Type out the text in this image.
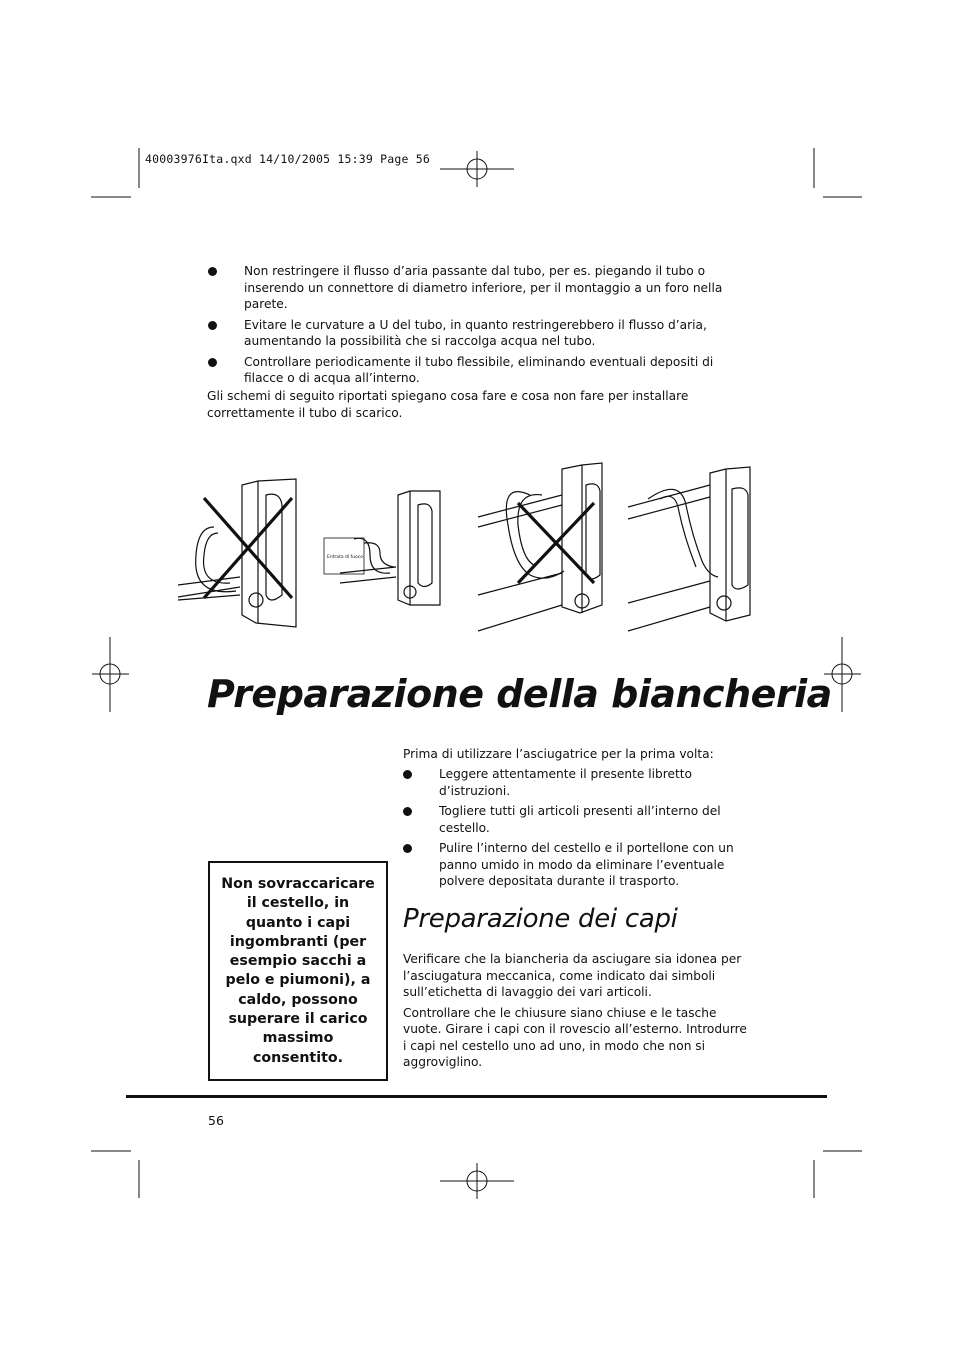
40003976Ita.qxd 14/10/2005 15:39 Page 56
Non restringere il flusso d’aria passante dal tubo, per es. piegando il tubo o inserendo un connettore di diametro inferiore, per il montaggio a un foro nella parete.
Evitare le curvature a U del tubo, in quanto restringerebbero il flusso d’aria, aumentando la possibilità che si raccolga acqua nel tubo.
Controllare periodicamente il tubo flessibile, eliminando eventuali depositi di filacce o di acqua all’interno.
Gli schemi di seguito riportati spiegano cosa fare e cosa non fare per installare correttamente il tubo di scarico.
Entrata di fuoco
Preparazione della biancheria
Prima di utilizzare l’asciugatrice per la prima volta:
Leggere attentamente il presente libretto d’istruzioni.
Togliere tutti gli articoli presenti all’interno del cestello.
Pulire l’interno del cestello e il portellone con un panno umido in modo da eliminare l’eventuale polvere depositata durante il trasporto.
Preparazione dei capi

Verificare che la biancheria da asciugare sia idonea per l’asciugatura meccanica, come indicato dai simboli sull’etichetta di lavaggio dei vari articoli.

Controllare che le chiusure siano chiuse e le tasche vuote. Girare i capi con il rovescio all’esterno. Introdurre i capi nel cestello uno ad uno, in modo che non si aggroviglino.

Non sovraccaricare il cestello, in quanto i capi ingombranti (per esempio sacchi a pelo e piumoni), a caldo, possono superare il carico massimo consentito.
56
